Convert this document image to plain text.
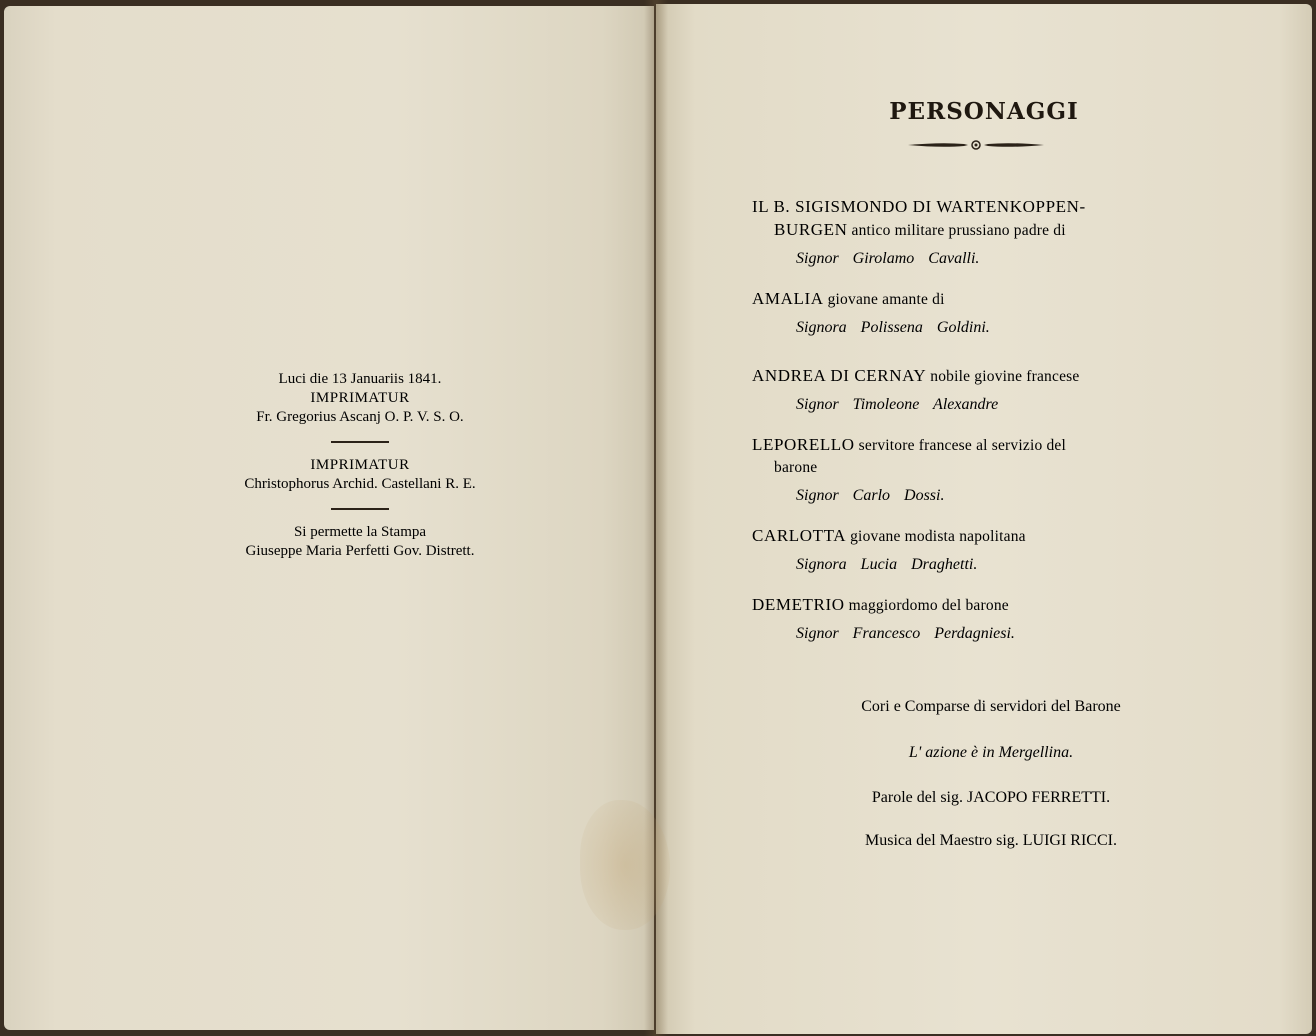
Luci die 13 Januariis 1841.
IMPRIMATUR
Fr. Gregorius Ascanj O. P. V. S. O.
IMPRIMATUR
Christophorus Archid. Castellani R. E.
Si permette la Stampa
Giuseppe Maria Perfetti Gov. Distrett.
PERSONAGGI
IL B. SIGISMONDO DI WARTENKOPPEN-
BURGEN antico militare prussiano padre di
Signor Girolamo Cavalli.
AMALIA giovane amante di
Signora Polissena Goldini.
ANDREA DI CERNAY nobile giovine francese
Signor Timoleone Alexandre
LEPORELLO servitore francese al servizio del
barone
Signor Carlo Dossi.
CARLOTTA giovane modista napolitana
Signora Lucia Draghetti.
DEMETRIO maggiordomo del barone
Signor Francesco Perdagniesi.
Cori e Comparse di servidori del Barone
L' azione è in Mergellina.
Parole del sig. JACOPO FERRETTI.
Musica del Maestro sig. LUIGI RICCI.
